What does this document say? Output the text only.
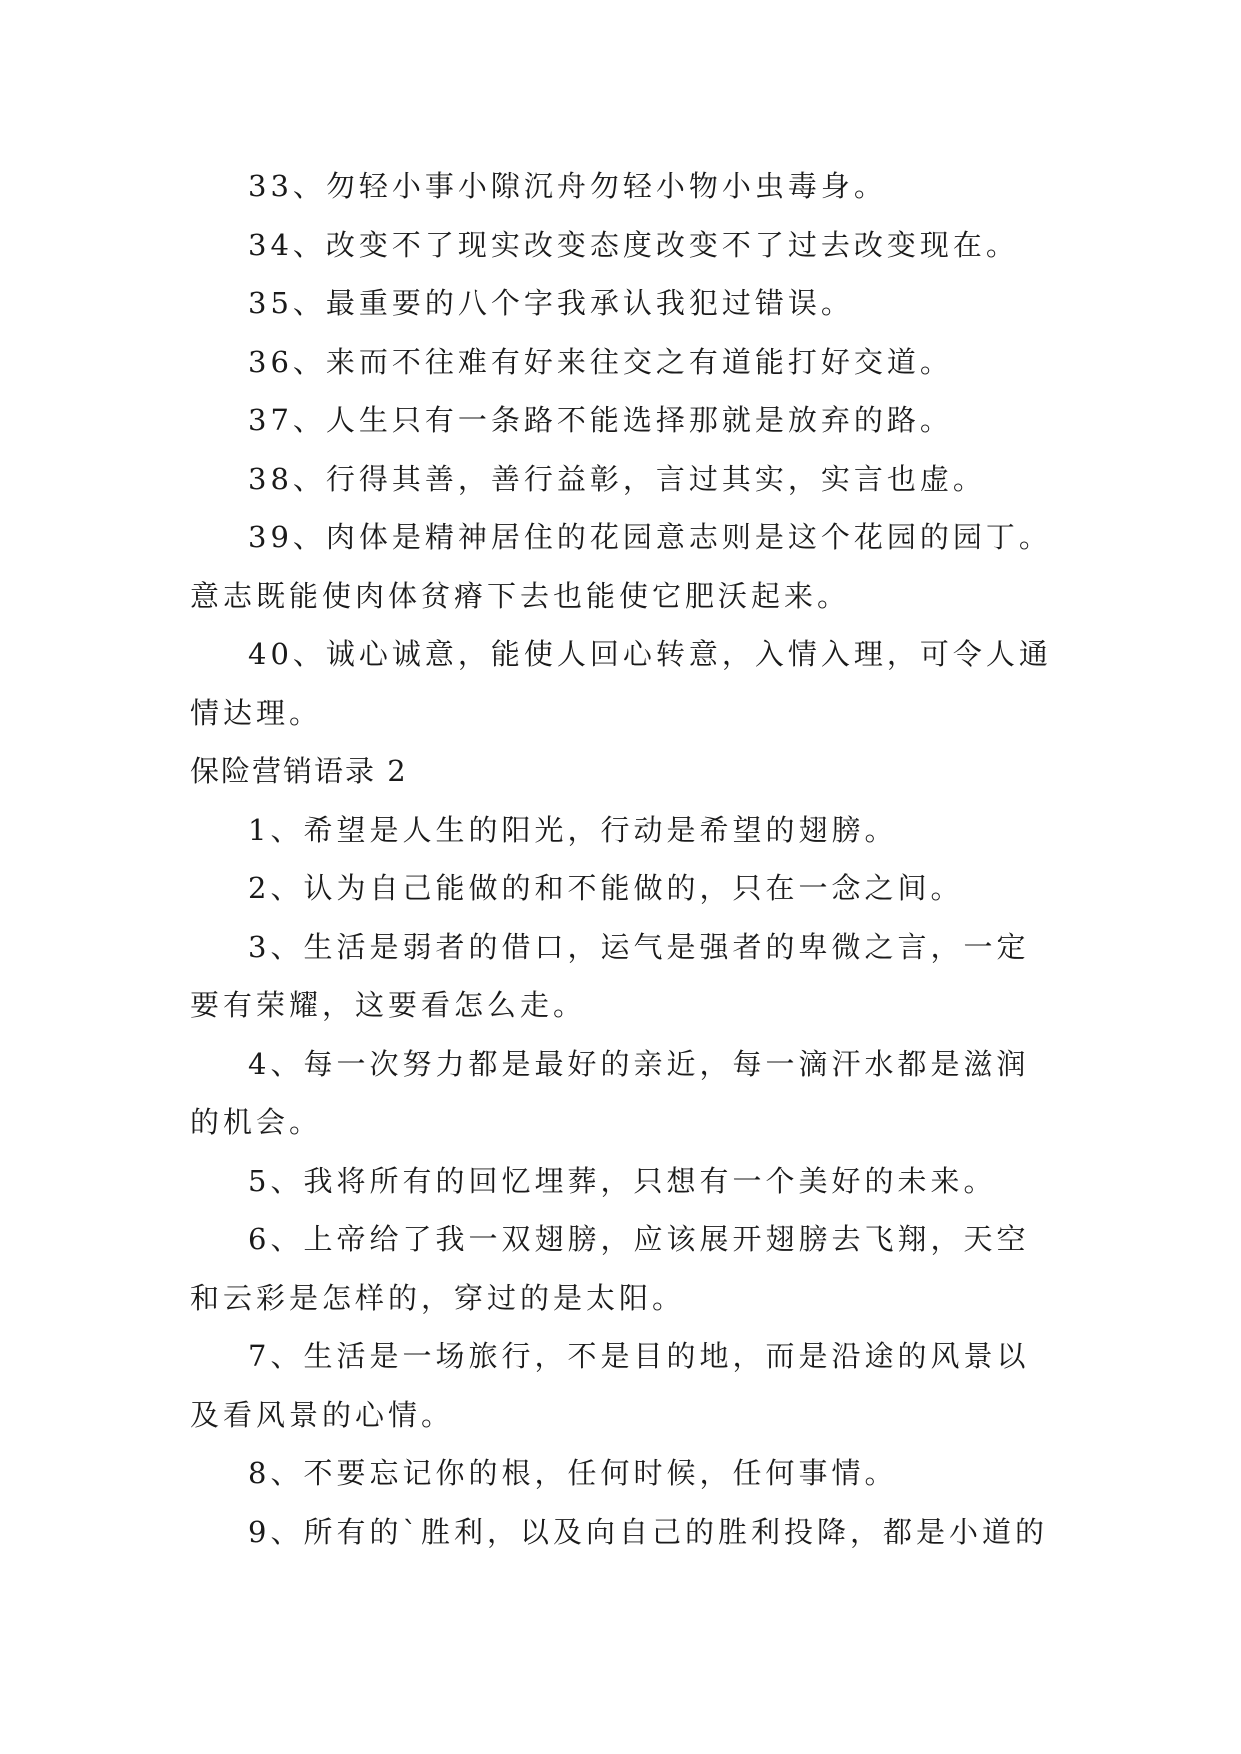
33、勿轻小事小隙沉舟勿轻小物小虫毒身。

34、改变不了现实改变态度改变不了过去改变现在。

35、最重要的八个字我承认我犯过错误。

36、来而不往难有好来往交之有道能打好交道。

37、人生只有一条路不能选择那就是放弃的路。

38、行得其善，善行益彰，言过其实，实言也虚。

39、肉体是精神居住的花园意志则是这个花园的园丁。意志既能使肉体贫瘠下去也能使它肥沃起来。

40、诚心诚意，能使人回心转意，入情入理，可令人通情达理。

保险营销语录 2

1、希望是人生的阳光，行动是希望的翅膀。

2、认为自己能做的和不能做的，只在一念之间。

3、生活是弱者的借口，运气是强者的卑微之言，一定要有荣耀，这要看怎么走。

4、每一次努力都是最好的亲近，每一滴汗水都是滋润的机会。

5、我将所有的回忆埋葬，只想有一个美好的未来。

6、上帝给了我一双翅膀，应该展开翅膀去飞翔，天空和云彩是怎样的，穿过的是太阳。

7、生活是一场旅行，不是目的地，而是沿途的风景以及看风景的心情。

8、不要忘记你的根，任何时候，任何事情。

9、所有的`胜利，以及向自己的胜利投降，都是小道的
